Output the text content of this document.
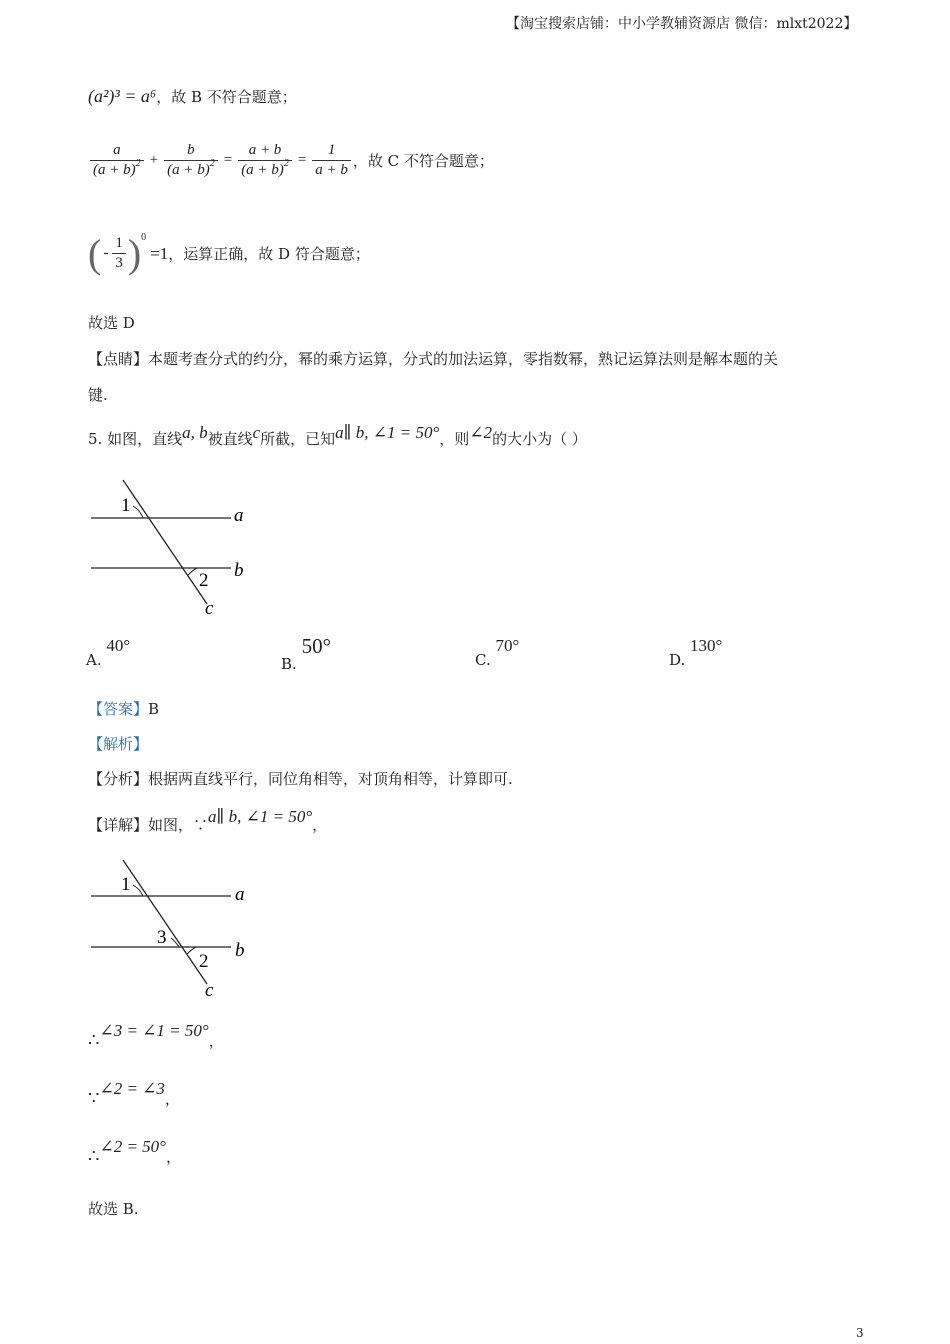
【淘宝搜索店铺：中小学教辅资源店 微信：mlxt2022】
(a²)³ = a⁶，故 B 不符合题意；
$\frac{a}{(a + b)^2} + \frac{b}{(a + b)^2} = \frac{a + b}{(a + b)^2} = \frac{1}{a + b}$ ，故 C 不符合题意；
( - $\frac{1}{3}$ ) 0
=1 ，运算正确，故 D 符合题意；
故选 D
【点睛】本题考查分式的约分，幂的乘方运算，分式的加法运算，零指数幂，熟记运算法则是解本题的关
键.
5. 如图，直线a, b被直线c所截，已知a∥ b, ∠1 = 50°，则∠2的大小为（ ）
1
2
a
b
c
A. 40°
B. 50°
C. 70°
D. 130°
【答案】B
【解析】
【分析】根据两直线平行，同位角相等，对顶角相等，计算即可.
【详解】如图，∵a∥ b, ∠1 = 50°，
1
3
2
a
b
c
∴∠3 = ∠1 = 50°，
∵∠2 = ∠3，
∴∠2 = 50°，
故选 B.
3
